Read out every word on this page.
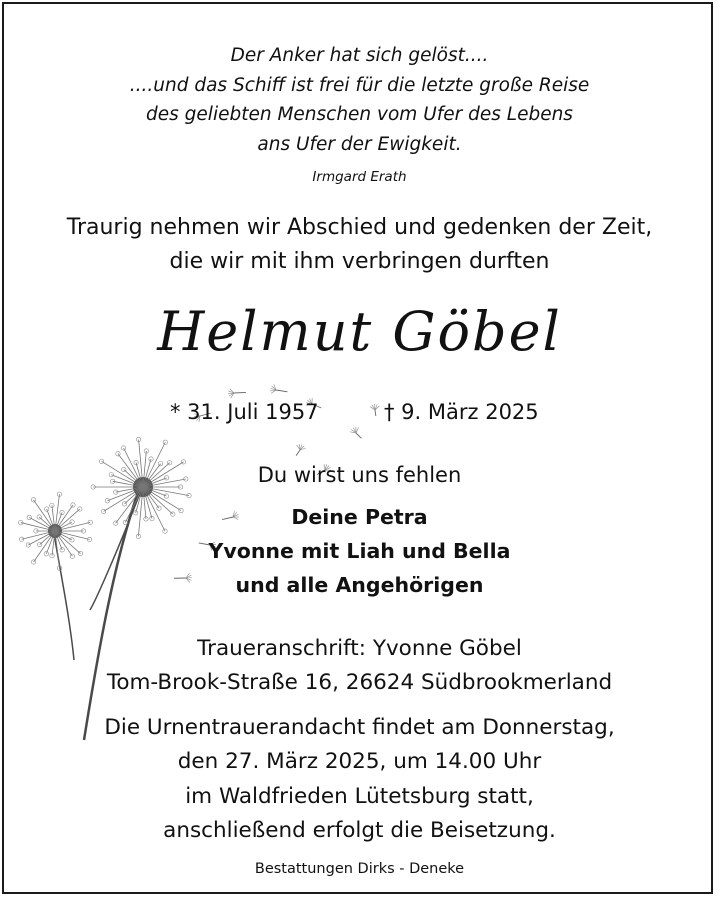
Der Anker hat sich gelöst....
....und das Schiff ist frei für die letzte große Reise
des geliebten Menschen vom Ufer des Lebens
ans Ufer der Ewigkeit.
Irmgard Erath
Traurig nehmen wir Abschied und gedenken der Zeit,
die wir mit ihm verbringen durften
Helmut Göbel
* 31. Juli 1957	† 9. März 2025
Du wirst uns fehlen
Deine Petra
Yvonne mit Liah und Bella
und alle Angehörigen
Traueranschrift: Yvonne Göbel
Tom-Brook-Straße 16, 26624 Südbrookmerland
Die Urnentrauerandacht findet am Donnerstag,
den 27. März 2025, um 14.00 Uhr
im Waldfrieden Lütetsburg statt,
anschließend erfolgt die Beisetzung.
Bestattungen Dirks - Deneke
